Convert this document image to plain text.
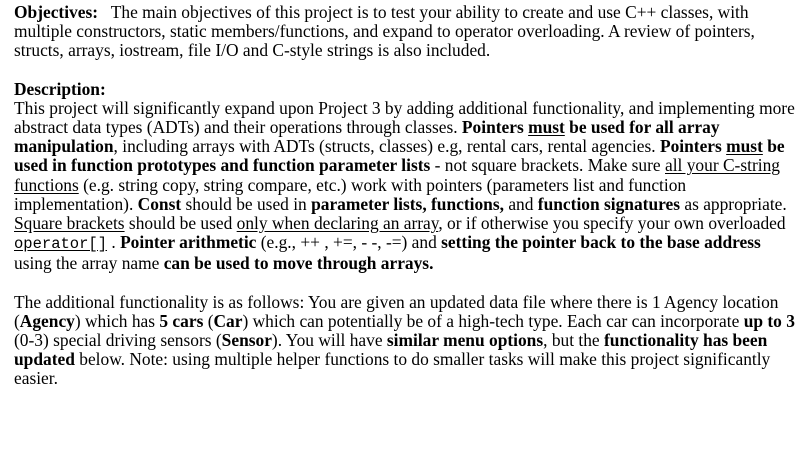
Objectives: The main objectives of this project is to test your ability to create and use C++ classes, with multiple constructors, static members/functions, and expand to operator overloading. A review of pointers, structs, arrays, iostream, file I/O and C-style strings is also included.

Description:

This project will significantly expand upon Project 3 by adding additional functionality, and implementing more abstract data types (ADTs) and their operations through classes. Pointers must be used for all array manipulation, including arrays with ADTs (structs, classes) e.g, rental cars, rental agencies. Pointers must be used in function prototypes and function parameter lists - not square brackets. Make sure all your C-string functions (e.g. string copy, string compare, etc.) work with pointers (parameters list and function implementation). Const should be used in parameter lists, functions, and function signatures as appropriate. Square brackets should be used only when declaring an array, or if otherwise you specify your own overloaded operator[] . Pointer arithmetic (e.g., ++ , +=, - -, -=) and setting the pointer back to the base address using the array name can be used to move through arrays.

The additional functionality is as follows: You are given an updated data file where there is 1 Agency location (Agency) which has 5 cars (Car) which can potentially be of a high-tech type. Each car can incorporate up to 3 (0-3) special driving sensors (Sensor). You will have similar menu options, but the functionality has been updated below. Note: using multiple helper functions to do smaller tasks will make this project significantly easier.
